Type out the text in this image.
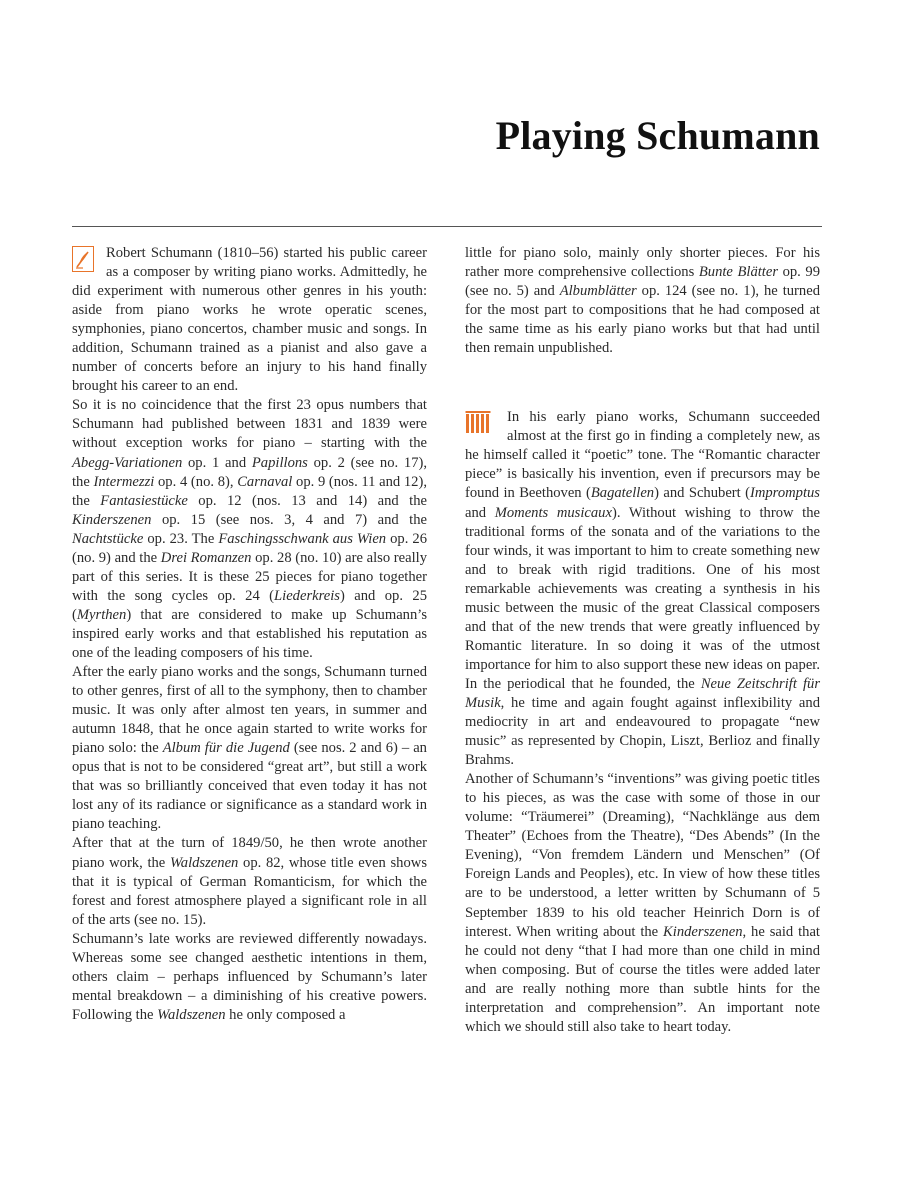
Playing Schumann

Robert Schumann (1810–56) started his public career as a composer by writing piano works. Admittedly, he did experiment with numerous other genres in his youth: aside from piano works he wrote operatic scenes, symphonies, piano concertos, chamber music and songs. In addition, Schumann trained as a pianist and also gave a number of concerts before an injury to his hand finally brought his career to an end.

So it is no coincidence that the first 23 opus numbers that Schumann had published between 1831 and 1839 were without exception works for piano – starting with the Abegg-Variationen op. 1 and Papillons op. 2 (see no. 17), the Intermezzi op. 4 (no. 8), Carnaval op. 9 (nos. 11 and 12), the Fantasiestücke op. 12 (nos. 13 and 14) and the Kinderszenen op. 15 (see nos. 3, 4 and 7) and the Nachtstücke op. 23. The Faschingsschwank aus Wien op. 26 (no. 9) and the Drei Romanzen op. 28 (no. 10) are also really part of this series. It is these 25 pieces for piano together with the song cycles op. 24 (Liederkreis) and op. 25 (Myrthen) that are considered to make up Schumann’s inspired early works and that established his reputation as one of the leading composers of his time.

After the early piano works and the songs, Schumann turned to other genres, first of all to the symphony, then to chamber music. It was only after almost ten years, in summer and autumn 1848, that he once again started to write works for piano solo: the Album für die Jugend (see nos. 2 and 6) – an opus that is not to be considered “great art”, but still a work that was so brilliantly conceived that even today it has not lost any of its radiance or significance as a standard work in piano teaching.

After that at the turn of 1849/50, he then wrote another piano work, the Waldszenen op. 82, whose title even shows that it is typical of German Romanticism, for which the forest and forest atmosphere played a significant role in all of the arts (see no. 15).

Schumann’s late works are reviewed differently nowadays. Whereas some see changed aesthetic intentions in them, others claim – perhaps influenced by Schumann’s later mental breakdown – a diminishing of his creative powers. Following the Waldszenen he only composed a

little for piano solo, mainly only shorter pieces. For his rather more comprehensive collections Bunte Blätter op. 99 (see no. 5) and Albumblätter op. 124 (see no. 1), he turned for the most part to compositions that he had composed at the same time as his early piano works but that had until then remain unpublished.

In his early piano works, Schumann succeeded almost at the first go in finding a completely new, as he himself called it “poetic” tone. The “Romantic character piece” is basically his invention, even if precursors may be found in Beethoven (Bagatellen) and Schubert (Impromptus and Moments musicaux). Without wishing to throw the traditional forms of the sonata and of the variations to the four winds, it was important to him to create something new and to break with rigid traditions. One of his most remarkable achievements was creating a synthesis in his music between the music of the great Classical composers and that of the new trends that were greatly influenced by Romantic literature. In so doing it was of the utmost importance for him to also support these new ideas on paper. In the periodical that he founded, the Neue Zeitschrift für Musik, he time and again fought against inflexibility and mediocrity in art and endeavoured to propagate “new music” as represented by Chopin, Liszt, Berlioz and finally Brahms.

Another of Schumann’s “inventions” was giving poetic titles to his pieces, as was the case with some of those in our volume: “Träumerei” (Dreaming), “Nachklänge aus dem Theater” (Echoes from the Theatre), “Des Abends” (In the Evening), “Von fremdem Ländern und Menschen” (Of Foreign Lands and Peoples), etc. In view of how these titles are to be understood, a letter written by Schumann of 5 September 1839 to his old teacher Heinrich Dorn is of interest. When writing about the Kinderszenen, he said that he could not deny “that I had more than one child in mind when composing. But of course the titles were added later and are really nothing more than subtle hints for the interpretation and comprehension”. An important note which we should still also take to heart today.
